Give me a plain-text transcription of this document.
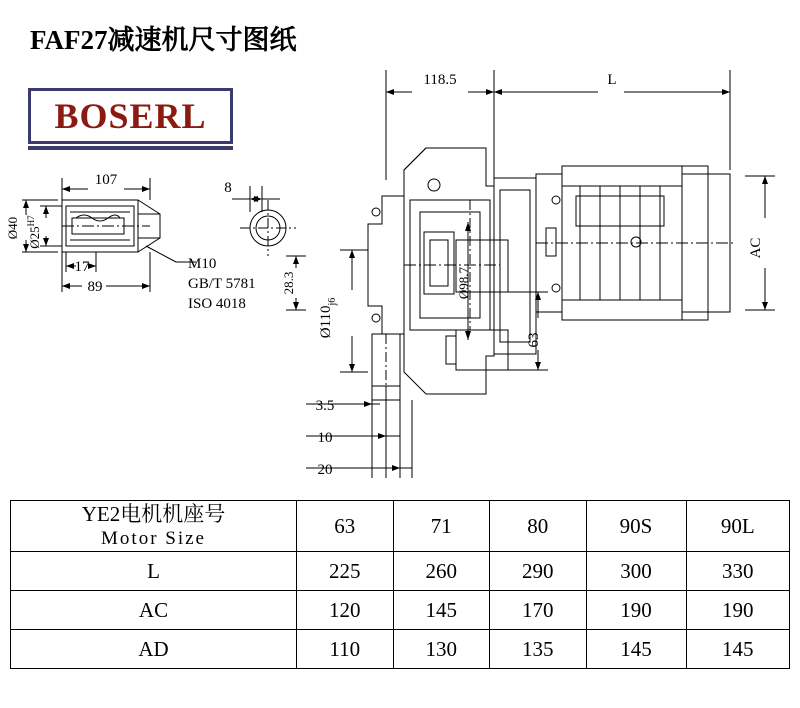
FAF27减速机尺寸图纸
BOSERL
118.5	L
AC
107	8
17
89
Ø40 $Ø25^{H7}$
M10
GB/T 5781
ISO 4018
28.3	Ø98.7
$Ø110_{j6}$
63
3.5
10
20
YE2电机机座号
Motor Size	63	71	80	90S	90L
L	225	260	290	300	330
AC	120	145	170	190	190
AD	110	130	135	145	145
